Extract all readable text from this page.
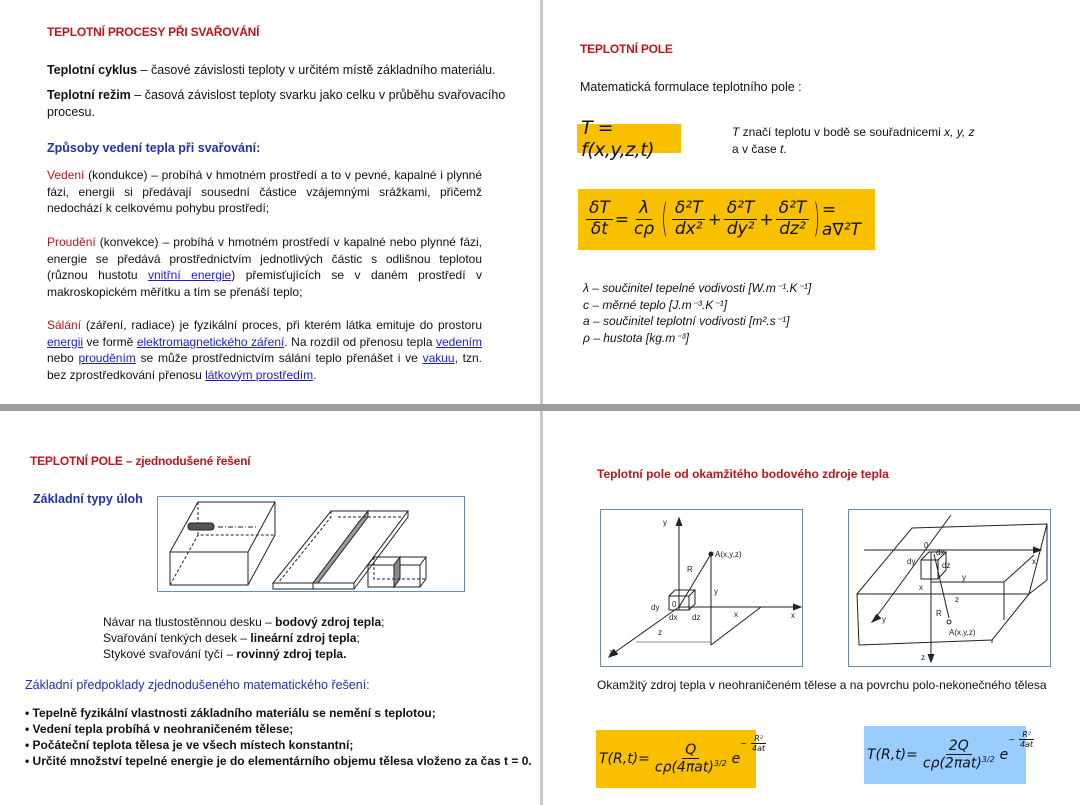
TEPLOTNÍ PROCESY PŘI SVAŘOVÁNÍ
Teplotní cyklus – časové závislosti teploty v určitém místě základního materiálu.
Teplotní režim – časová závislost teploty svarku jako celku v průběhu svařovacího procesu.
Způsoby vedení tepla při svařování:
Vedení (kondukce) – probíhá v hmotném prostředí a to v pevné, kapalné i plynné fázi, energii si předávají sousední částice vzájemnými srážkami, přičemž nedochází k celkovému pohybu prostředí;
Proudění (konvekce) – probíhá v hmotném prostředí v kapalné nebo plynné fázi, energie se předává prostřednictvím jednotlivých částic s odlišnou teplotou (různou hustotu vnitřní energie) přemisťujících se v daném prostředí v makroskopickém měřítku a tím se přenáší teplo;
Sálání (záření, radiace) je fyzikální proces, při kterém látka emituje do prostoru energii ve formě elektromagnetického záření. Na rozdíl od přenosu tepla vedením nebo prouděním se může prostřednictvím sálání teplo přenášet i ve vakuu, tzn. bez zprostředkování přenosu látkovým prostředím.
TEPLOTNÍ POLE
Matematická formulace teplotního pole :
T = f(x,y,z,t)
T značí teplotu v bodě se souřadnicemi x, y, z
a v čase t.
$\frac{\delta T}{\delta t} = \frac{\lambda}{c\rho}$ ( $\frac{\text{δ²T}}{\text{dx²}} + \frac{\text{δ²T}}{\text{dy²}} + \frac{\text{δ²T}}{\text{dz²}}$ ) = a∇²T
λ – součinitel tepelné vodivosti [W.m⁻¹.K⁻¹]
c – měrné teplo [J.m⁻³.K⁻¹]
a – součinitel teplotní vodivosti [m².s⁻¹]
ρ – hustota [kg.m⁻³]
TEPLOTNÍ POLE – zjednodušené řešení
Základní typy úloh
Návar na tlustostěnnou desku – bodový zdroj tepla;
Svařování tenkých desek – lineární zdroj tepla;
Stykové svařování tyčí – rovinný zdroj tepla.
Základní předpoklady zjednodušeného matematického řešení:
• Tepelně fyzikální vlastnosti základního materiálu se nemění s teplotou;
• Vedení tepla probíhá v neohraničeném tělese;
• Počáteční teplota tělesa je ve všech místech konstantní;
• Určité množství tepelné energie je do elementárního objemu tělesa vloženo za čas t = 0.
Teplotní pole od okamžitého bodového zdroje tepla
y
x
z
A(x,y,z)
R
y
x
z
0
dx
dy
dz
0
dx
dy	dz	x
y
z
y
x
z
R
A(x,y,z)
Okamžitý zdroj tepla v neohraničeném tělese a na povrchu polo-nekonečného tělesa
$T(R,t)= \frac{Q}{c\rho(4\pi at)^{3/2}}$ e
− $\frac{\text{R²}}{4at}$
$T(R,t)= \frac{2Q}{c\rho(2\pi at)^{3/2}}$ e
− $\frac{\text{R²}}{4at}$
